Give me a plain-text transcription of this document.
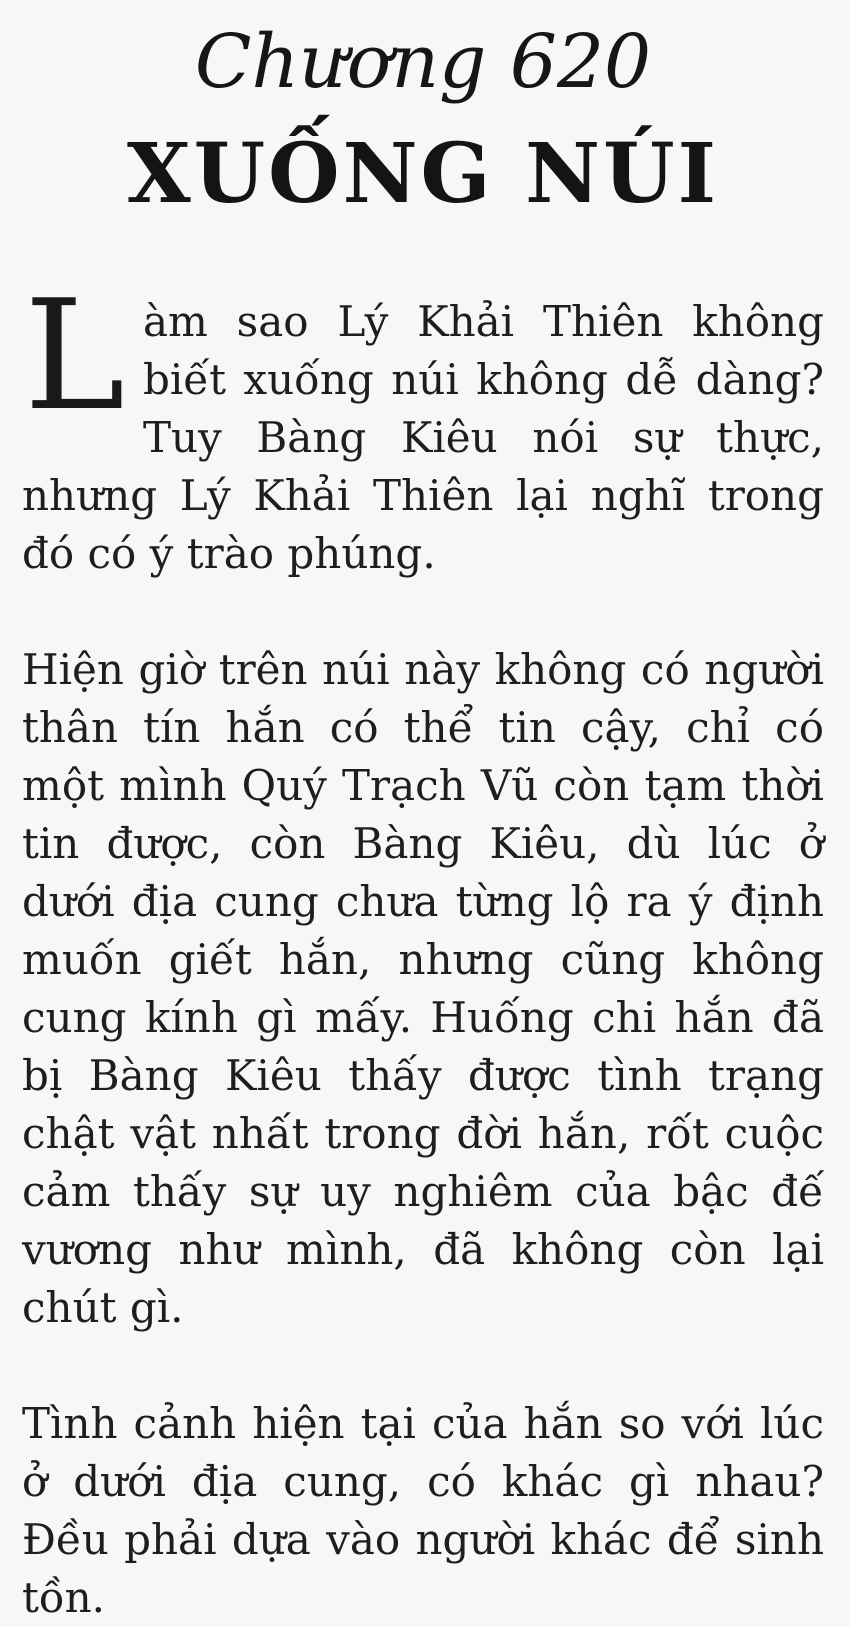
Chương 620
XUỐNG NÚI

Làm sao Lý Khải Thiên không biết xuống núi không dễ dàng? Tuy Bàng Kiêu nói sự thực, nhưng Lý Khải Thiên lại nghĩ trong đó có ý trào phúng.

Hiện giờ trên núi này không có người thân tín hắn có thể tin cậy, chỉ có một mình Quý Trạch Vũ còn tạm thời tin được, còn Bàng Kiêu, dù lúc ở dưới địa cung chưa từng lộ ra ý định muốn giết hắn, nhưng cũng không cung kính gì mấy. Huống chi hắn đã bị Bàng Kiêu thấy được tình trạng chật vật nhất trong đời hắn, rốt cuộc cảm thấy sự uy nghiêm của bậc đế vương như mình, đã không còn lại chút gì.

Tình cảnh hiện tại của hắn so với lúc ở dưới địa cung, có khác gì nhau? Đều phải dựa vào người khác để sinh tồn.
